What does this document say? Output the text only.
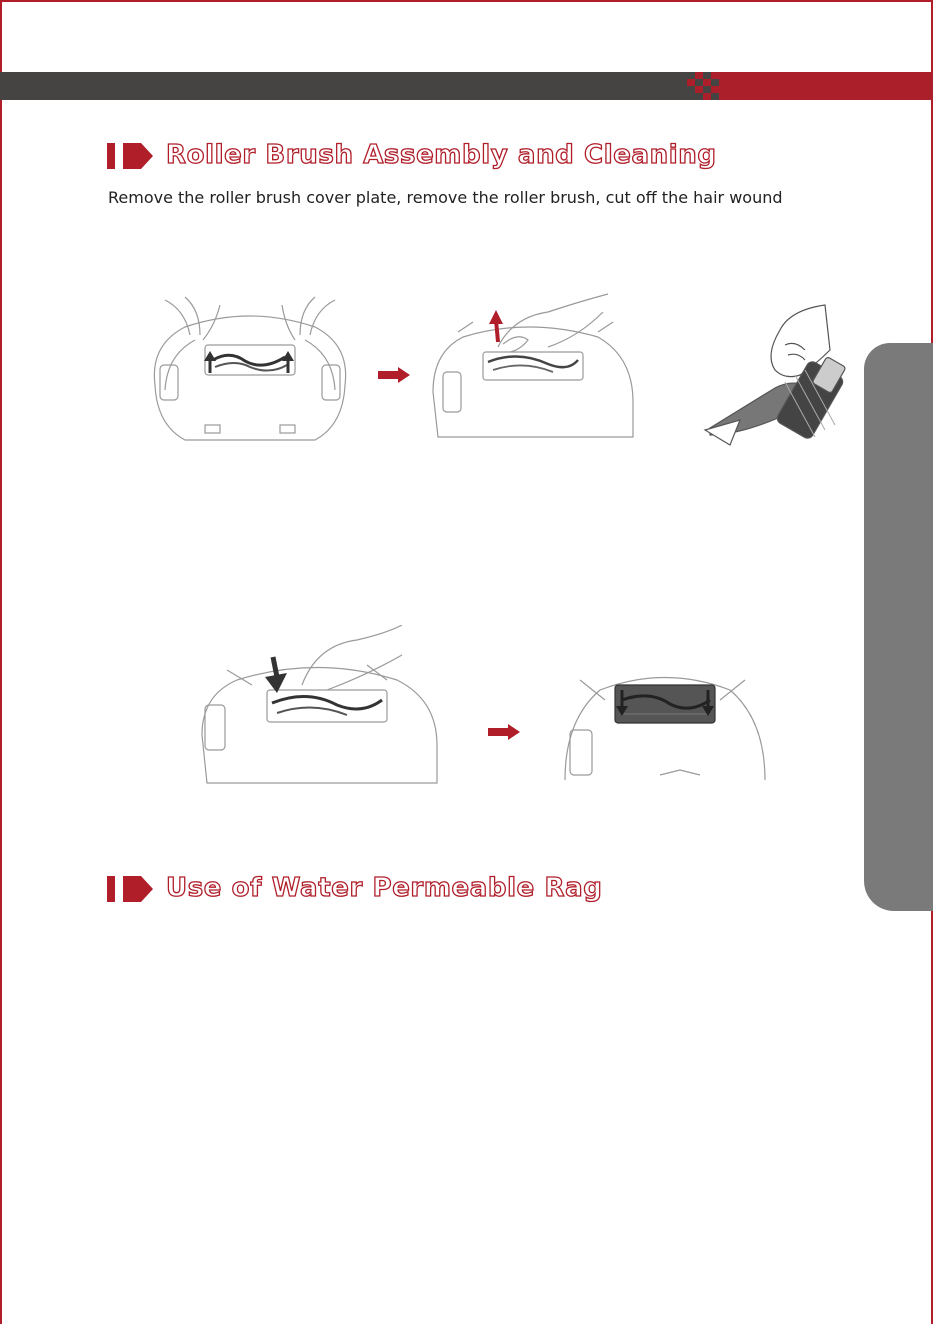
Roller Brush Assembly and Cleaning
Remove the roller brush cover plate, remove the roller brush, cut off the hair wound
Use of Water Permeable Rag
